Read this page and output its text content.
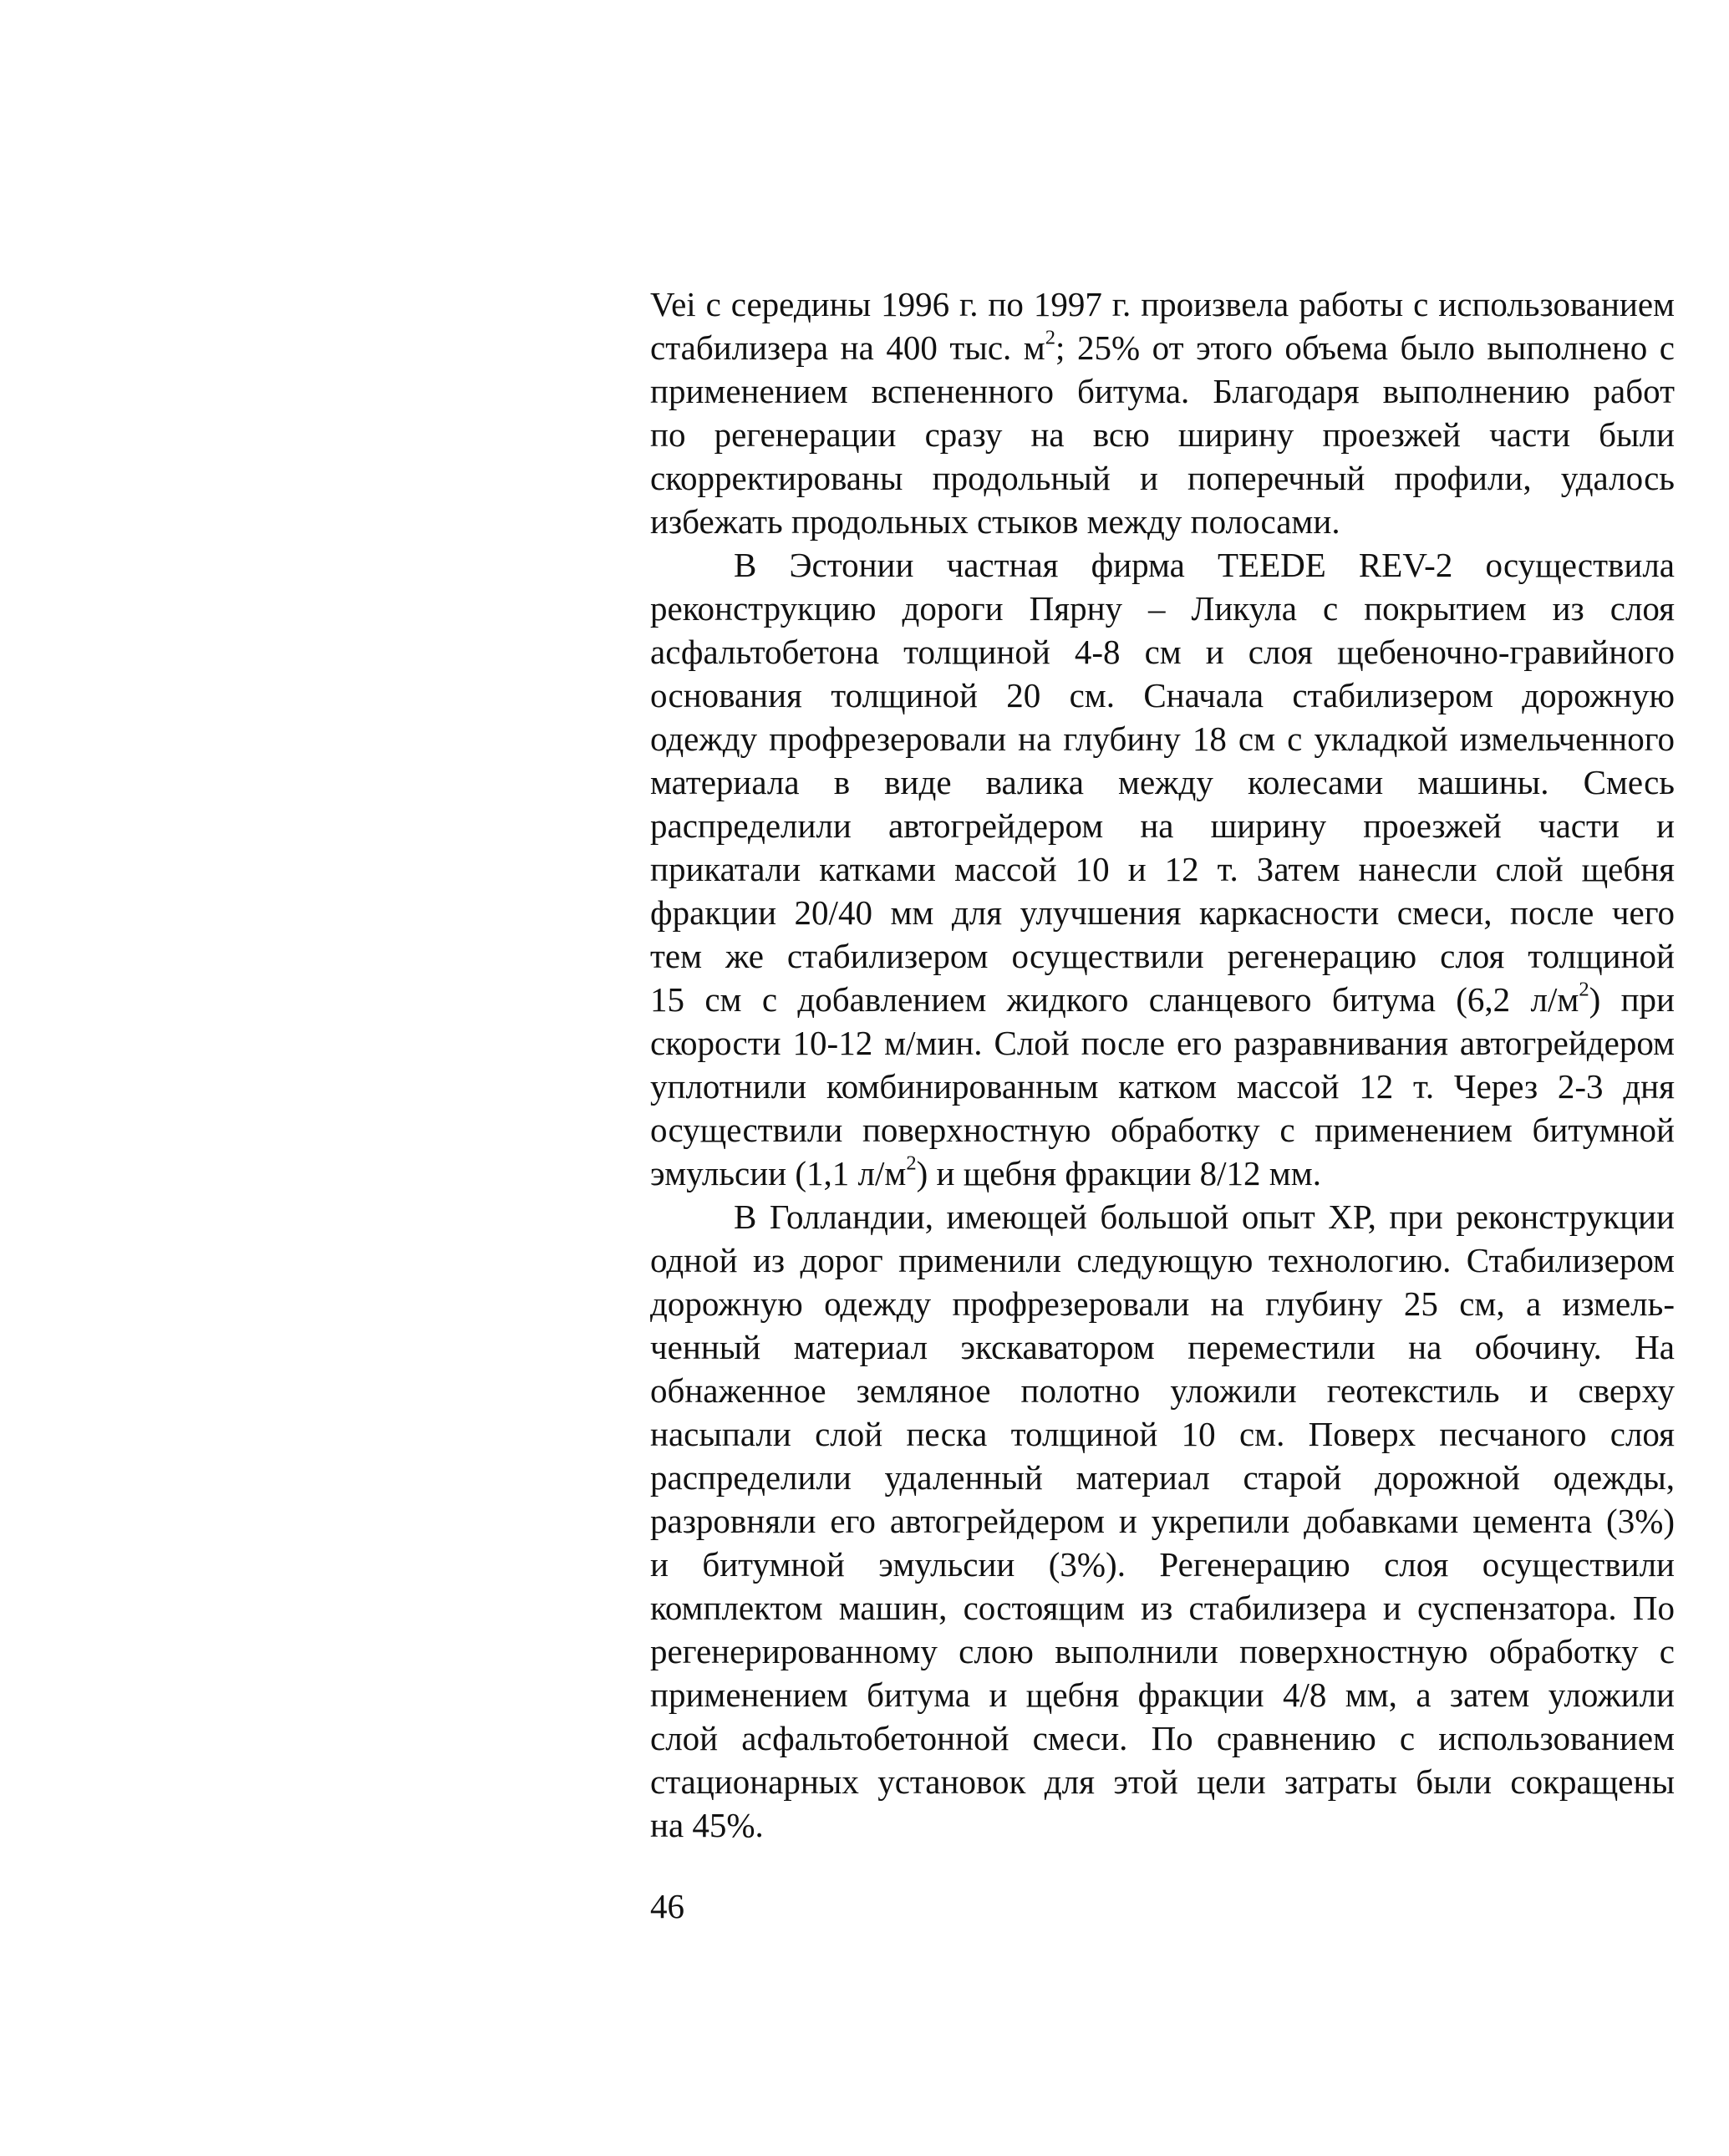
Vei с середины 1996 г. по 1997 г. произвела работы с использованием
стабилизера на 400 тыс. $м^2$; 25% от этого объема было выполнено с
применением вспененного битума. Благодаря выполнению работ
по регенерации сразу на всю ширину проезжей части были
скорректированы продольный и поперечный профили, удалось
избежать продольных стыков между полосами.

В Эстонии частная фирма TEEDE REV-2 осуществила
реконструкцию дороги Пярну – Ликула с покрытием из слоя
асфальтобетона толщиной 4-8 см и слоя щебеночно-гравийного
основания толщиной 20 см. Сначала стабилизером дорожную
одежду профрезеровали на глубину 18 см с укладкой измельченного
материала в виде валика между колесами машины. Смесь
распределили автогрейдером на ширину проезжей части и
прикатали катками массой 10 и 12 т. Затем нанесли слой щебня
фракции 20/40 мм для улучшения каркасности смеси, после чего
тем же стабилизером осуществили регенерацию слоя толщиной
15 см с добавлением жидкого сланцевого битума (6,2 $л/м^2$) при
скорости 10-12 м/мин. Слой после его разравнивания автогрейдером
уплотнили комбинированным катком массой 12 т. Через 2-3 дня
осуществили поверхностную обработку с применением битумной
эмульсии (1,1 $л/м^2$) и щебня фракции 8/12 мм.

В Голландии, имеющей большой опыт ХР, при реконструкции
одной из дорог применили следующую технологию. Стабилизером
дорожную одежду профрезеровали на глубину 25 см, а измель-
ченный материал экскаватором переместили на обочину. На
обнаженное земляное полотно уложили геотекстиль и сверху
насыпали слой песка толщиной 10 см. Поверх песчаного слоя
распределили удаленный материал старой дорожной одежды,
разровняли его автогрейдером и укрепили добавками цемента (3%)
и битумной эмульсии (3%). Регенерацию слоя осуществили
комплектом машин, состоящим из стабилизера и суспензатора. По
регенерированному слою выполнили поверхностную обработку с
применением битума и щебня фракции 4/8 мм, а затем уложили
слой асфальтобетонной смеси. По сравнению с использованием
стационарных установок для этой цели затраты были сокращены
на 45%.

46
